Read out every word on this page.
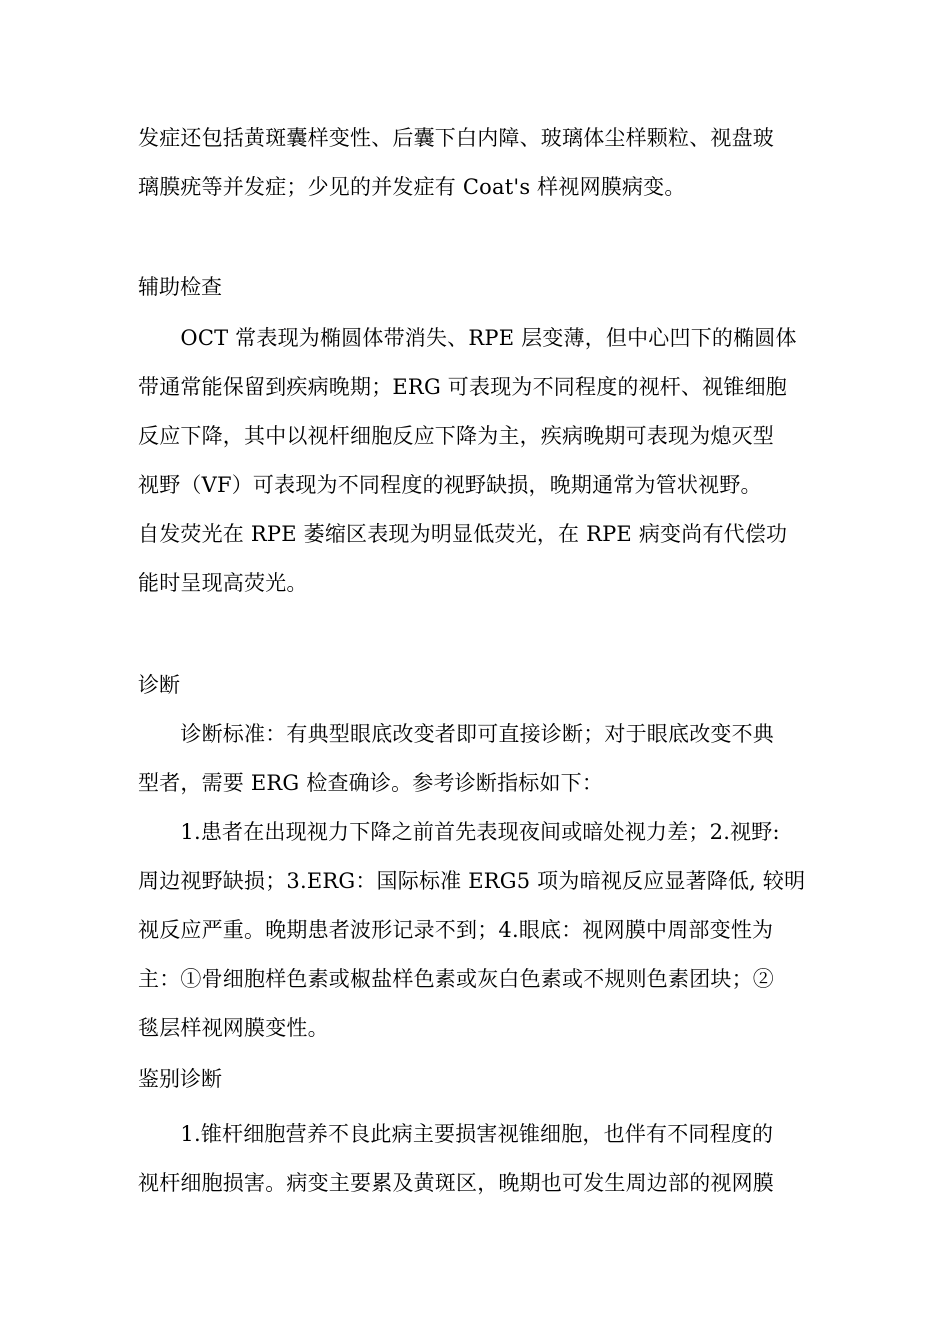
发症还包括黄斑囊样变性、后囊下白内障、玻璃体尘样颗粒、视盘玻
璃膜疣等并发症；少见的并发症有 Coat's 样视网膜病变。
辅助检查
　　OCT 常表现为椭圆体带消失、RPE 层变薄，但中心凹下的椭圆体
带通常能保留到疾病晚期；ERG 可表现为不同程度的视杆、视锥细胞
反应下降，其中以视杆细胞反应下降为主，疾病晚期可表现为熄灭型
视野（VF）可表现为不同程度的视野缺损，晚期通常为管状视野。
自发荧光在 RPE 萎缩区表现为明显低荧光，在 RPE 病变尚有代偿功
能时呈现高荧光。
诊断
　　诊断标准：有典型眼底改变者即可直接诊断；对于眼底改变不典
型者，需要 ERG 检查确诊。参考诊断指标如下：
　　1.患者在出现视力下降之前首先表现夜间或暗处视力差；2.视野:
周边视野缺损；3.ERG：国际标准 ERG5 项为暗视反应显著降低, 较明
视反应严重。晚期患者波形记录不到；4.眼底：视网膜中周部变性为
主：①骨细胞样色素或椒盐样色素或灰白色素或不规则色素团块；②
毯层样视网膜变性。
鉴别诊断
　　1.锥杆细胞营养不良此病主要损害视锥细胞，也伴有不同程度的
视杆细胞损害。病变主要累及黄斑区，晚期也可发生周边部的视网膜
